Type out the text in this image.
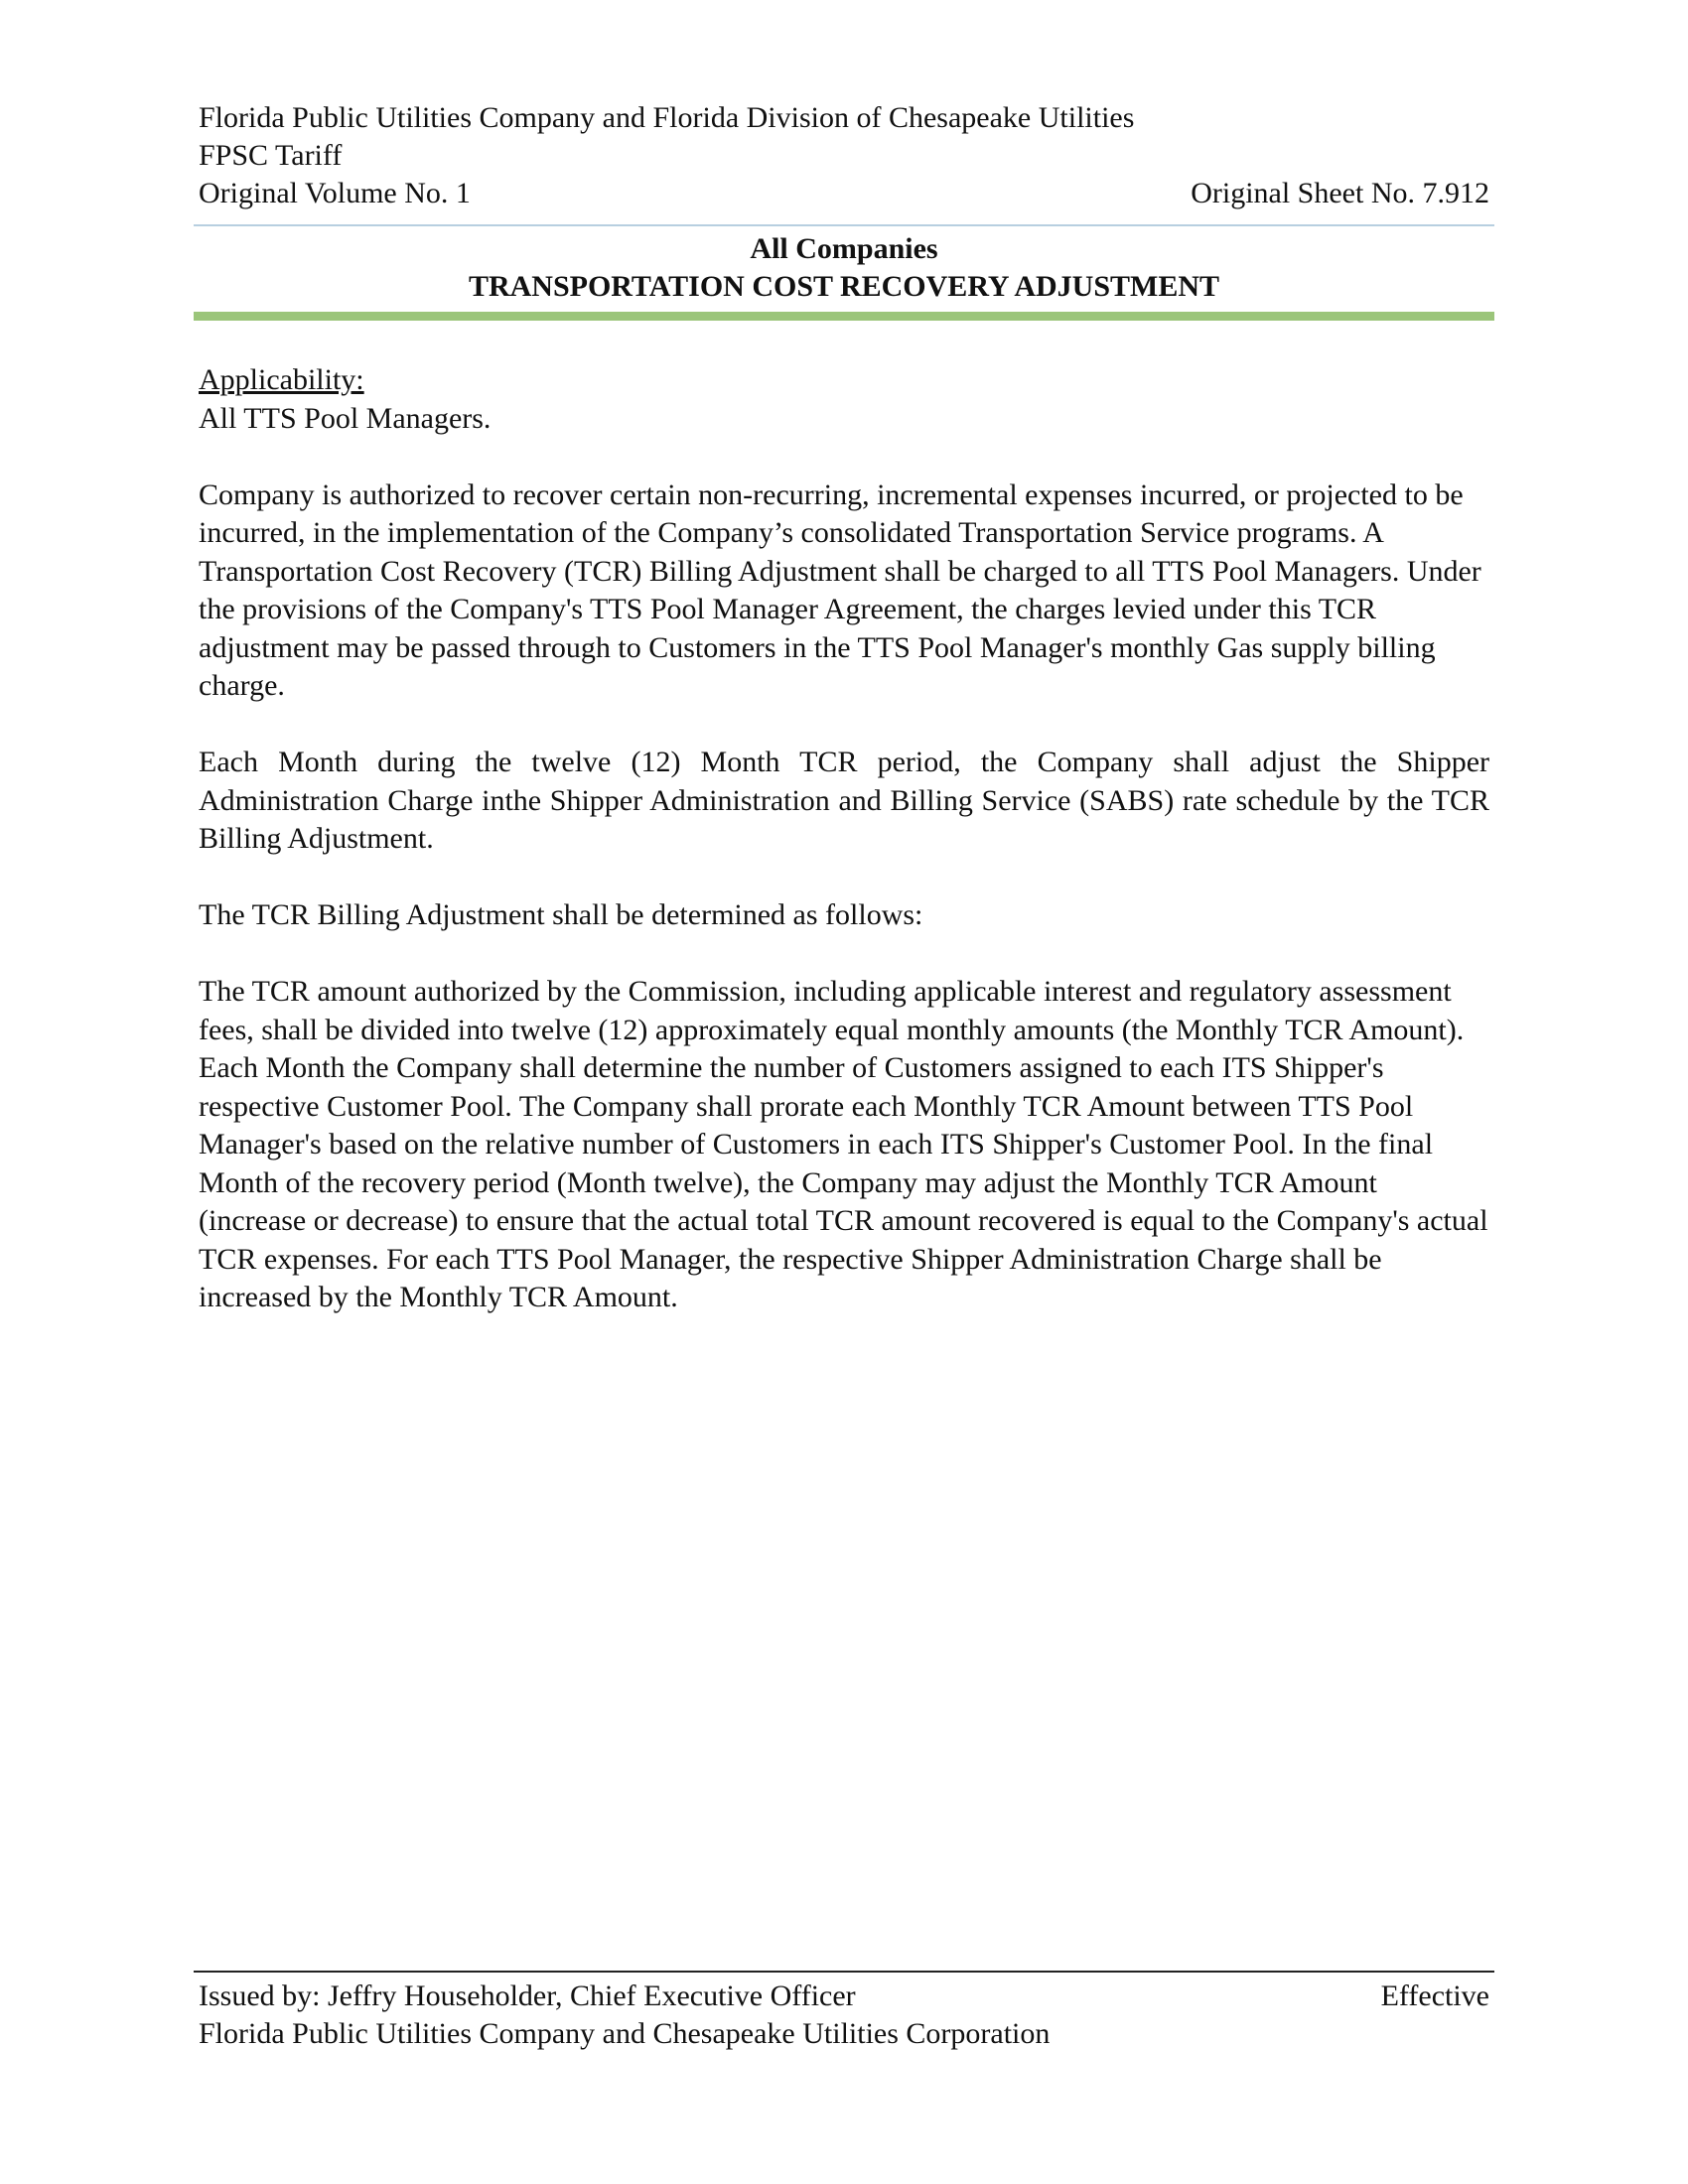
Florida Public Utilities Company and Florida Division of Chesapeake Utilities
FPSC Tariff
Original Volume No. 1	Original Sheet No. 7.912
All Companies
TRANSPORTATION COST RECOVERY ADJUSTMENT

Applicability:
All TTS Pool Managers.

Company is authorized to recover certain non-recurring, incremental expenses incurred, or projected to be incurred, in the implementation of the Company’s consolidated Transportation Service programs. A Transportation Cost Recovery (TCR) Billing Adjustment shall be charged to all TTS Pool Managers. Under the provisions of the Company's TTS Pool Manager Agreement, the charges levied under this TCR adjustment may be passed through to Customers in the TTS Pool Manager's monthly Gas supply billing charge.

Each Month during the twelve (12) Month TCR period, the Company shall adjust the Shipper Administration Charge inthe Shipper Administration and Billing Service (SABS) rate schedule by the TCR Billing Adjustment.

The TCR Billing Adjustment shall be determined as follows:

The TCR amount authorized by the Commission, including applicable interest and regulatory assessment fees, shall be divided into twelve (12) approximately equal monthly amounts (the Monthly TCR Amount). Each Month the Company shall determine the number of Customers assigned to each ITS Shipper's respective Customer Pool. The Company shall prorate each Monthly TCR Amount between TTS Pool Manager's based on the relative number of Customers in each ITS Shipper's Customer Pool. In the final Month of the recovery period (Month twelve), the Company may adjust the Monthly TCR Amount (increase or decrease) to ensure that the actual total TCR amount recovered is equal to the Company's actual TCR expenses. For each TTS Pool Manager, the respective Shipper Administration Charge shall be increased by the Monthly TCR Amount.

Issued by: Jeffry Householder, Chief Executive Officer	Effective
Florida Public Utilities Company and Chesapeake Utilities Corporation
